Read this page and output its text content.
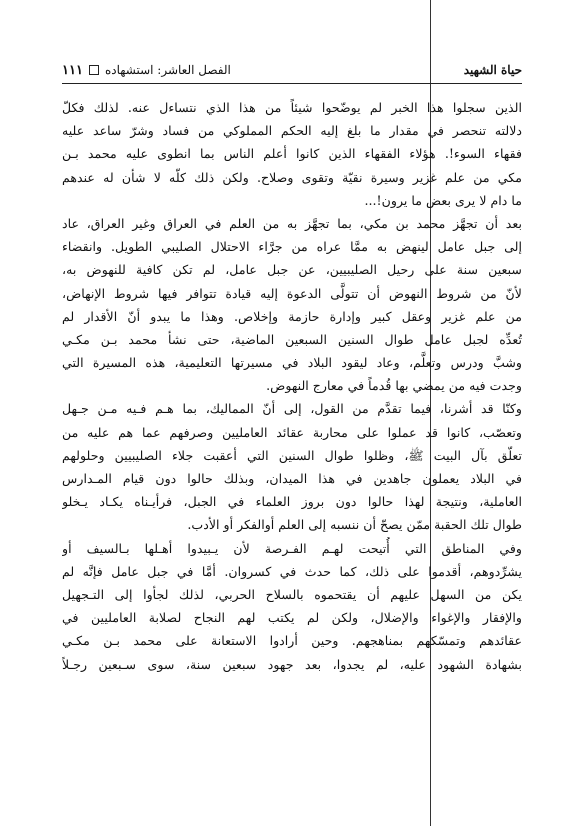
حياة الشهيد
الفصل العاشر: استشهاده
١١١
الذين سجلوا هذا الخبر لم يوضّحوا شيئاً من هذا الذي نتساءل عنه. لذلك فكلّ
دلالته تنحصر في مقدار ما بلغ إليه الحكم المملوكي من فساد وشرّ ساعد عليه
فقهاء السوء!. هؤلاء الفقهاء الذين كانوا أعلم الناس بما انطوى عليه محمد بـن
مكي من علم غزير وسيرة نقيّة وتقوى وصلاح. ولكن ذلك كلّه لا شأن له عندهم
ما دام لا يرى بعض ما يرون!...
بعد أن تجهَّز محمد بن مكي، بما تجهَّز به من العلم في العراق وغير العراق، عاد
إلى جبل عامل لينهض به ممَّا عراه من جرَّاء الاحتلال الصليبي الطويل. وانقضاء
سبعين سنة على رحيل الصليبيين، عن جبل عامل، لم تكن كافية للنهوض به،
لأنّ من شروط النهوض أن تتولَّى الدعوة إليه قيادة تتوافر فيها شروط الإنهاض،
من علم غزير وعقل كبير وإدارة حازمة وإخلاص. وهذا ما يبدو أنّ الأقدار لم
تُعدِّه لجبل عامل طوال السنين السبعين الماضية، حتى نشأ محمد بـن مكـي
وشبَّ ودرس وتعلَّم، وعاد ليقود البلاد في مسيرتها التعليمية، هذه المسيرة التي
وجدت فيه من يمضي بها قُدماً في معارج النهوض.
وكنّا قد أشرنا، فيما تقدَّم من القول، إلى أنّ المماليك، بما هـم فـيه مـن جـهل
وتعصّب، كانوا قد عملوا على محاربة عقائد العامليين وصرفهم عما هم عليه من
تعلّق بآل البيت ﷺ، وظلوا طوال السنين التي أعقبت جلاء الصليبيين وحلولهم
في البلاد يعملون جاهدين في هذا الميدان، وبذلك حالوا دون قيام المـدارس
العاملية، ونتيجة لهذا حالوا دون بروز العلماء في الجبل، فرأيـناه يكـاد يـخلو
طوال تلك الحقبة ممّن يصحّ أن ننسبه إلى العلم أوالفكر أو الأدب.
وفي المناطق التي أُتيحت لهـم الفـرصة لأن يـبيدوا أهـلها بـالسيف أو
يشرِّدوهم، أقدموا على ذلك، كما حدث في كسروان. أمَّا في جبل عامل فإنَّه لم
يكن من السهل عليهم أن يقتحموه بالسلاح الحربي، لذلك لجأوا إلى التـجهيل
والإفقار والإغواء والإضلال، ولكن لم يكتب لهم النجاح لصلابة العامليين في
عقائدهم وتمسّكهم بمناهجهم. وحين أرادوا الاستعانة على محمد بـن مكـي
بشهادة الشهود عليه، لم يجدوا، بعد جهود سبعين سنة، سوى سـبعين رجـلاً
